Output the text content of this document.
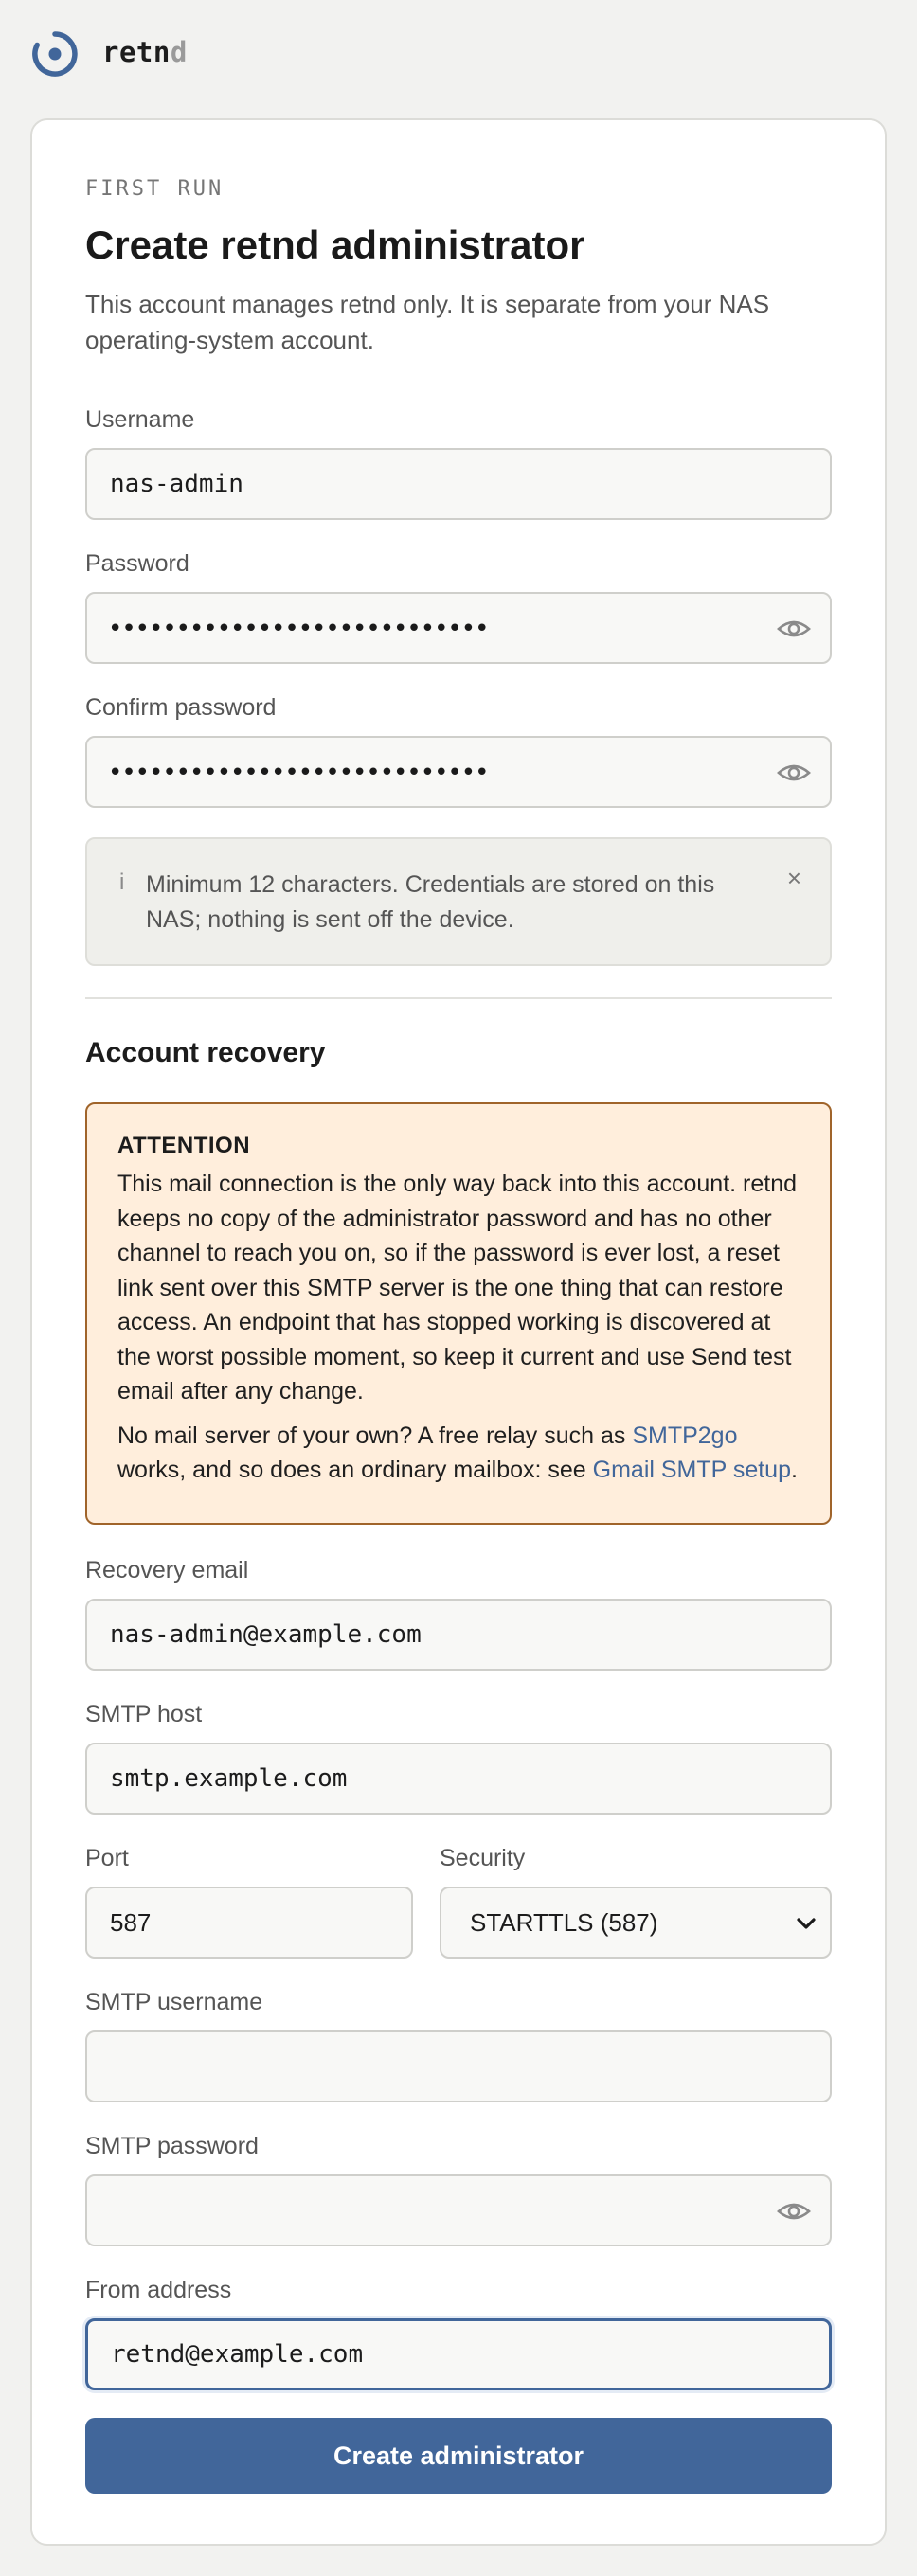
retnd
FIRST RUN
Create retnd administrator
This account manages retnd only. It is separate from your NAS operating-system account.
Username
nas-admin
Password
••••••••••••••••••••••••••••
Confirm password
••••••••••••••••••••••••••••
i Minimum 12 characters. Credentials are stored on this NAS; nothing is sent off the device.
×
Account recovery
ATTENTION
This mail connection is the only way back into this account. retnd keeps no copy of the administrator password and has no other channel to reach you on, so if the password is ever lost, a reset link sent over this SMTP server is the one thing that can restore access. An endpoint that has stopped working is discovered at the worst possible moment, so keep it current and use Send test email after any change.
No mail server of your own? A free relay such as SMTP2go works, and so does an ordinary mailbox: see Gmail SMTP setup.
Recovery email
nas-admin@example.com
SMTP host
smtp.example.com
Port
587	Security
STARTTLS (587)
SMTP username
SMTP password
From address
retnd@example.com
Create administrator
